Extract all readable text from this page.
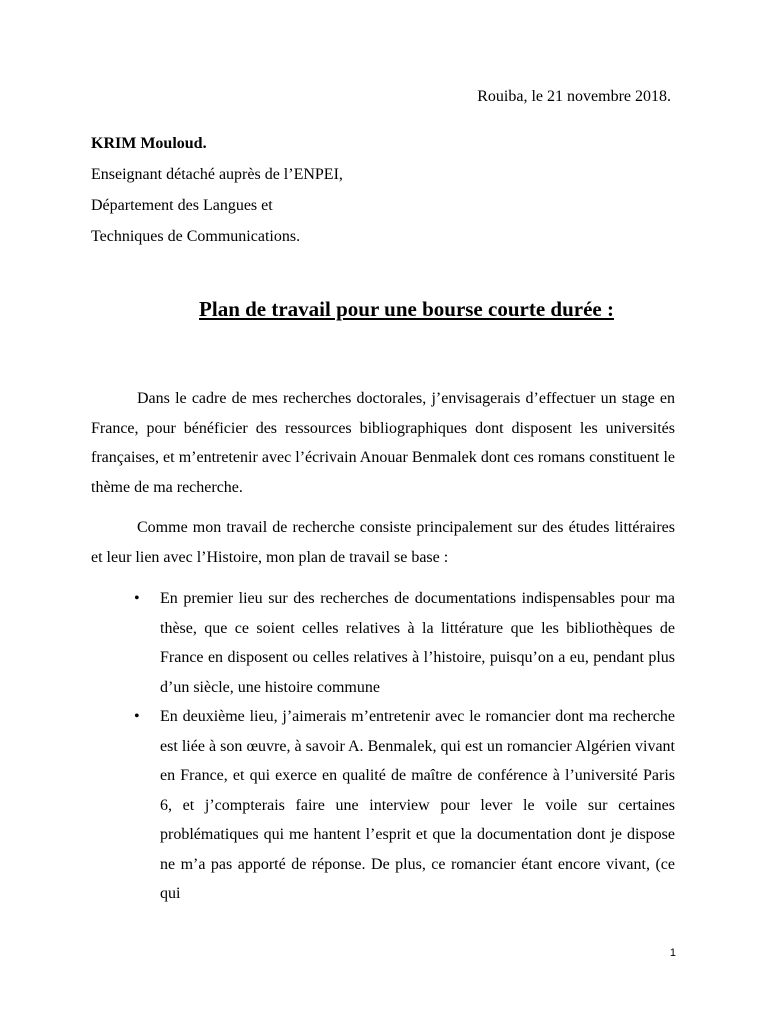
Rouiba, le 21 novembre 2018.
KRIM Mouloud.
Enseignant détaché auprès de l’ENPEI,
Département des Langues et
Techniques de Communications.
Plan de travail pour une bourse courte durée :

Dans le cadre de mes recherches doctorales, j’envisagerais d’effectuer un stage en France, pour bénéficier des ressources bibliographiques dont disposent les universités françaises, et m’entretenir avec l’écrivain Anouar Benmalek dont ces romans constituent le thème de ma recherche.

Comme mon travail de recherche consiste principalement sur des études littéraires et leur lien avec l’Histoire, mon plan de travail se base :

• En premier lieu sur des recherches de documentations indispensables pour ma thèse, que ce soient celles relatives à la littérature que les bibliothèques de France en disposent ou celles relatives à l’histoire, puisqu’on a eu, pendant plus d’un siècle, une histoire commune
• En deuxième lieu, j’aimerais m’entretenir avec le romancier dont ma recherche est liée à son œuvre, à savoir A. Benmalek, qui est un romancier Algérien vivant en France, et qui exerce en qualité de maître de conférence à l’université Paris 6, et j’compterais faire une interview pour lever le voile sur certaines problématiques qui me hantent l’esprit et que la documentation dont je dispose ne m’a pas apporté de réponse. De plus, ce romancier étant encore vivant, (ce qui
1
